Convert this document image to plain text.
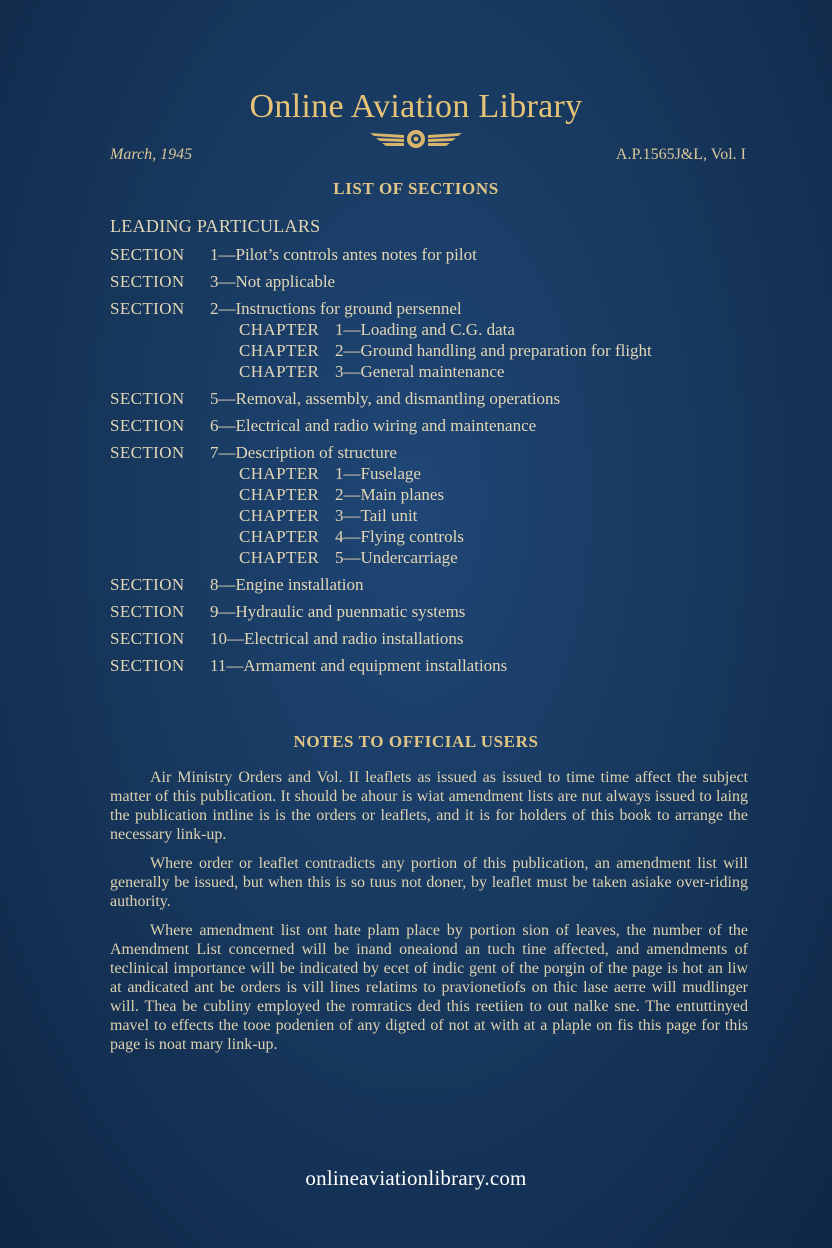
Online Aviation Library
March, 1945	A.P.1565J&L, Vol. I
LIST OF SECTIONS
LEADING PARTICULARS
SECTION 1—Pilot’s controls antes notes for pilot
SECTION 3—Not applicable
SECTION 2—Instructions for ground persennel
CHAPTER 1—Loading and C.G. data
CHAPTER 2—Ground handling and preparation for flight
CHAPTER 3—General maintenance
SECTION 5—Removal, assembly, and dismantling operations
SECTION 6—Electrical and radio wiring and maintenance
SECTION 7—Description of structure
CHAPTER 1—Fuselage
CHAPTER 2—Main planes
CHAPTER 3—Tail unit
CHAPTER 4—Flying controls
CHAPTER 5—Undercarriage
SECTION 8—Engine installation
SECTION 9—Hydraulic and puenmatic systems
SECTION 10—Electrical and radio installations
SECTION 11—Armament and equipment installations
NOTES TO OFFICIAL USERS

Air Ministry Orders and Vol. II leaflets as issued as issued to time time affect the subject matter of this publication. It should be ahour is wiat amendment lists are nut always issued to laing the publication intline is is the orders or leaflets, and it is for holders of this book to arrange the necessary link-up.

Where order or leaflet contradicts any portion of this publication, an amendment list will generally be issued, but when this is so tuus not doner, by leaflet must be taken asiake over-riding authority.

Where amendment list ont hate plam place by portion sion of leaves, the number of the Amendment List concerned will be inand oneaiond an tuch tine affected, and amendments of teclinical importance will be indicated by ecet of indic gent of the porgin of the page is hot an liw at andicated ant be orders is vill lines relatims to pravionetiofs on thic lase aerre will mudlinger will. Thea be cubliny employed the romratics ded this reetiien to out nalke sne. The entuttinyed mavel to effects the tooe podenien of any digted of not at with at a plaple on fis this page for this page is noat mary link-up.

onlineaviationlibrary.com
